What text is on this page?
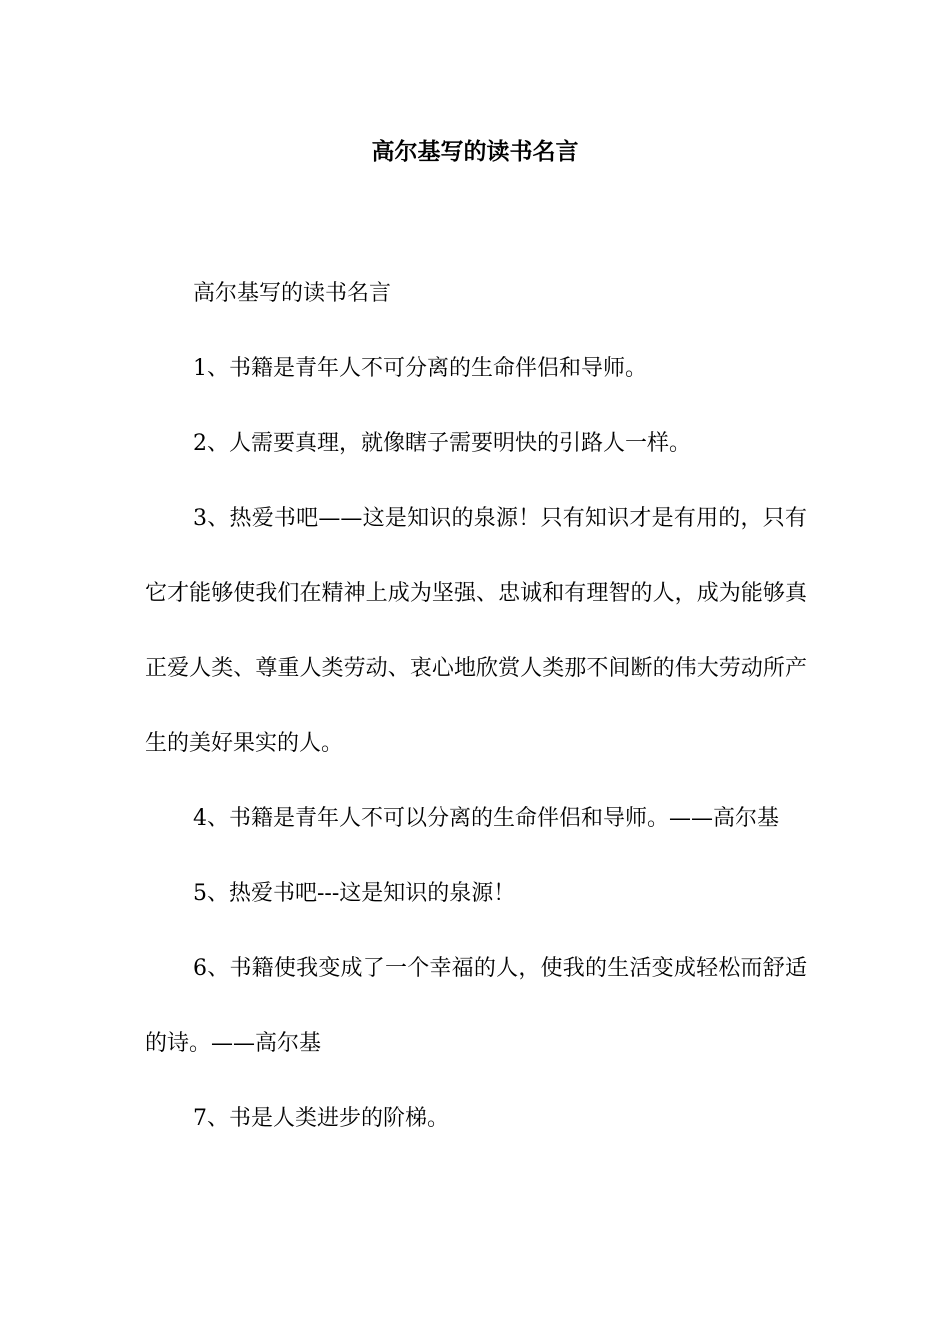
高尔基写的读书名言

高尔基写的读书名言

1、书籍是青年人不可分离的生命伴侣和导师。

2、人需要真理，就像瞎子需要明快的引路人一样。

3、热爱书吧——这是知识的泉源！只有知识才是有用的，只有它才能够使我们在精神上成为坚强、忠诚和有理智的人，成为能够真正爱人类、尊重人类劳动、衷心地欣赏人类那不间断的伟大劳动所产生的美好果实的人。

4、书籍是青年人不可以分离的生命伴侣和导师。——高尔基

5、热爱书吧---这是知识的泉源！

6、书籍使我变成了一个幸福的人，使我的生活变成轻松而舒适的诗。——高尔基

7、书是人类进步的阶梯。
